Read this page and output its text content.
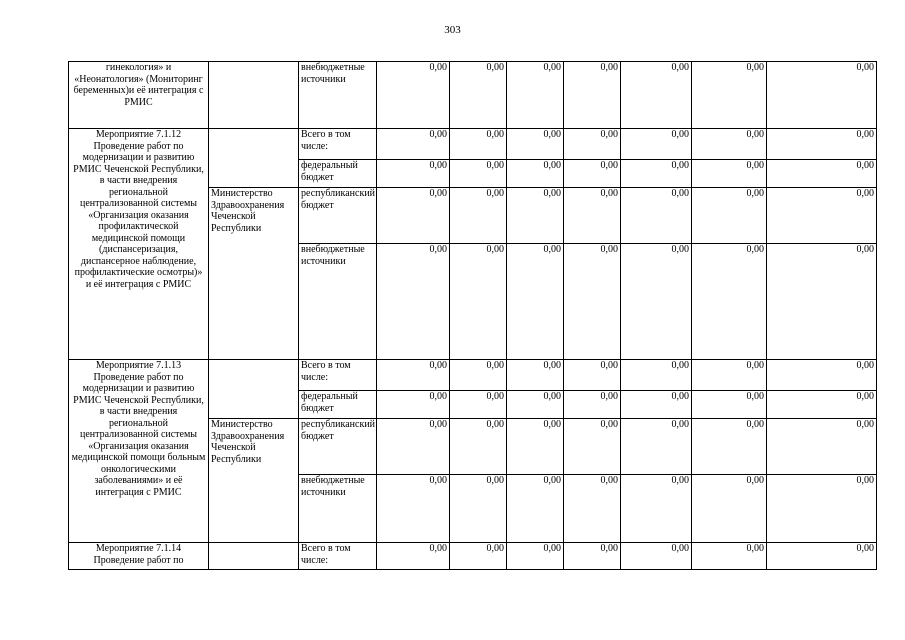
303
гинекология» и «Неонатология» (Мониторинг беременных)и её интеграция с РМИС		внебюджетные источники	0,00	0,00	0,00	0,00	0,00	0,00	0,00
Мероприятие 7.1.12 Проведение работ по модернизации и развитию РМИС Чеченской Республики, в части внедрения региональной централизованной системы «Организация оказания профилактической медицинской помощи (диспансеризация, диспансерное наблюдение, профилактические осмотры)» и её интеграция с РМИС		Всего в том числе:	0,00	0,00	0,00	0,00	0,00	0,00	0,00
		федеральный бюджет	0,00	0,00	0,00	0,00	0,00	0,00	0,00
	Министерство Здравоохранения Чеченской Республики	республиканский бюджет	0,00	0,00	0,00	0,00	0,00	0,00	0,00
		внебюджетные источники	0,00	0,00	0,00	0,00	0,00	0,00	0,00
Мероприятие 7.1.13 Проведение работ по модернизации и развитию РМИС Чеченской Республики, в части внедрения региональной централизованной системы «Организация оказания медицинской помощи больным онкологическими заболеваниями» и её интеграция с РМИС		Всего в том числе:	0,00	0,00	0,00	0,00	0,00	0,00	0,00
		федеральный бюджет	0,00	0,00	0,00	0,00	0,00	0,00	0,00
	Министерство Здравоохранения Чеченской Республики	республиканский бюджет	0,00	0,00	0,00	0,00	0,00	0,00	0,00
		внебюджетные источники	0,00	0,00	0,00	0,00	0,00	0,00	0,00
Мероприятие 7.1.14 Проведение работ по		Всего в том числе:	0,00	0,00	0,00	0,00	0,00	0,00	0,00
